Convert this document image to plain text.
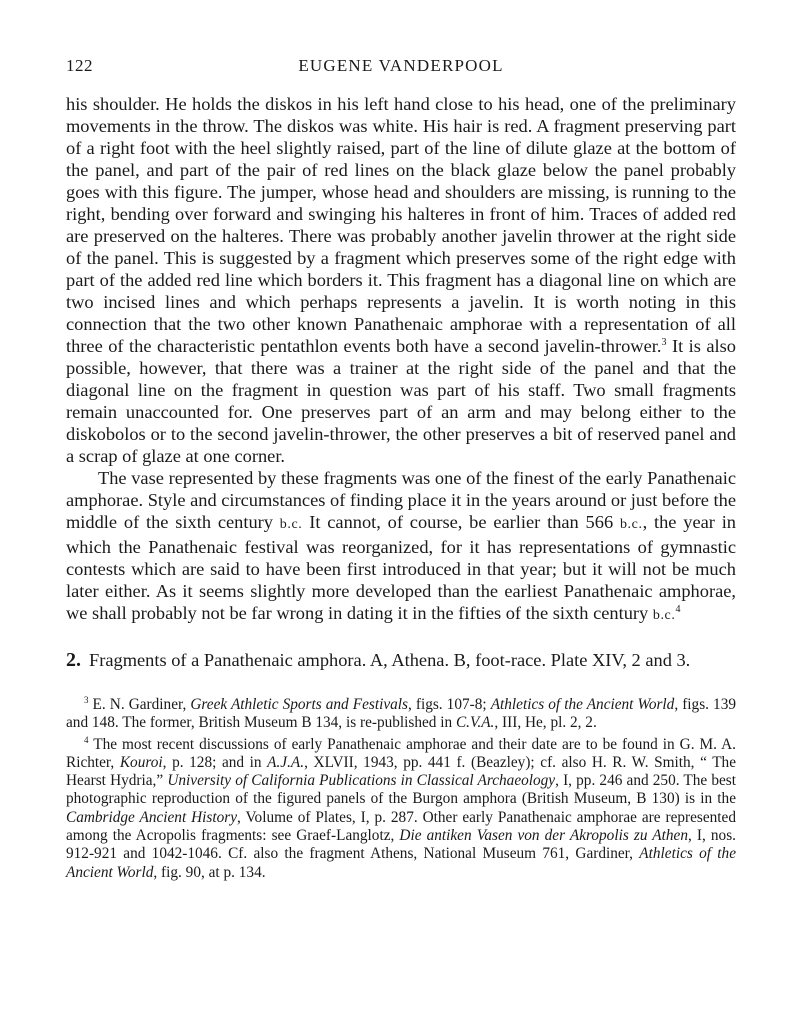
122	EUGENE VANDERPOOL

his shoulder. He holds the diskos in his left hand close to his head, one of the preliminary movements in the throw. The diskos was white. His hair is red. A fragment preserving part of a right foot with the heel slightly raised, part of the line of dilute glaze at the bottom of the panel, and part of the pair of red lines on the black glaze below the panel probably goes with this figure. The jumper, whose head and shoulders are missing, is running to the right, bending over forward and swinging his halteres in front of him. Traces of added red are preserved on the halteres. There was probably another javelin thrower at the right side of the panel. This is suggested by a fragment which preserves some of the right edge with part of the added red line which borders it. This fragment has a diagonal line on which are two incised lines and which perhaps represents a javelin. It is worth noting in this connection that the two other known Panathenaic amphorae with a representation of all three of the characteristic pentathlon events both have a second javelin-thrower.$^3$ It is also possible, however, that there was a trainer at the right side of the panel and that the diagonal line on the fragment in question was part of his staff. Two small fragments remain unaccounted for. One preserves part of an arm and may belong either to the diskobolos or to the second javelin-thrower, the other preserves a bit of reserved panel and a scrap of glaze at one corner.

The vase represented by these fragments was one of the finest of the early Panathenaic amphorae. Style and circumstances of finding place it in the years around or just before the middle of the sixth century b.c. It cannot, of course, be earlier than 566 b.c., the year in which the Panathenaic festival was reorganized, for it has representations of gymnastic contests which are said to have been first introduced in that year; but it will not be much later either. As it seems slightly more developed than the earliest Panathenaic amphorae, we shall probably not be far wrong in dating it in the fifties of the sixth century b.c.$^4$

2. Fragments of a Panathenaic amphora. A, Athena. B, foot-race. Plate XIV, 2 and 3.

$^3$ E. N. Gardiner, Greek Athletic Sports and Festivals, figs. 107-8; Athletics of the Ancient World, figs. 139 and 148. The former, British Museum B 134, is re-published in C.V.A., III, He, pl. 2, 2.

$^4$ The most recent discussions of early Panathenaic amphorae and their date are to be found in G. M. A. Richter, Kouroi, p. 128; and in A.J.A., XLVII, 1943, pp. 441 f. (Beazley); cf. also H. R. W. Smith, “ The Hearst Hydria,” University of California Publications in Classical Archaeology, I, pp. 246 and 250. The best photographic reproduction of the figured panels of the Burgon amphora (British Museum, B 130) is in the Cambridge Ancient History, Volume of Plates, I, p. 287. Other early Panathenaic amphorae are represented among the Acropolis fragments: see Graef-Langlotz, Die antiken Vasen von der Akropolis zu Athen, I, nos. 912-921 and 1042-1046. Cf. also the fragment Athens, National Museum 761, Gardiner, Athletics of the Ancient World, fig. 90, at p. 134.
